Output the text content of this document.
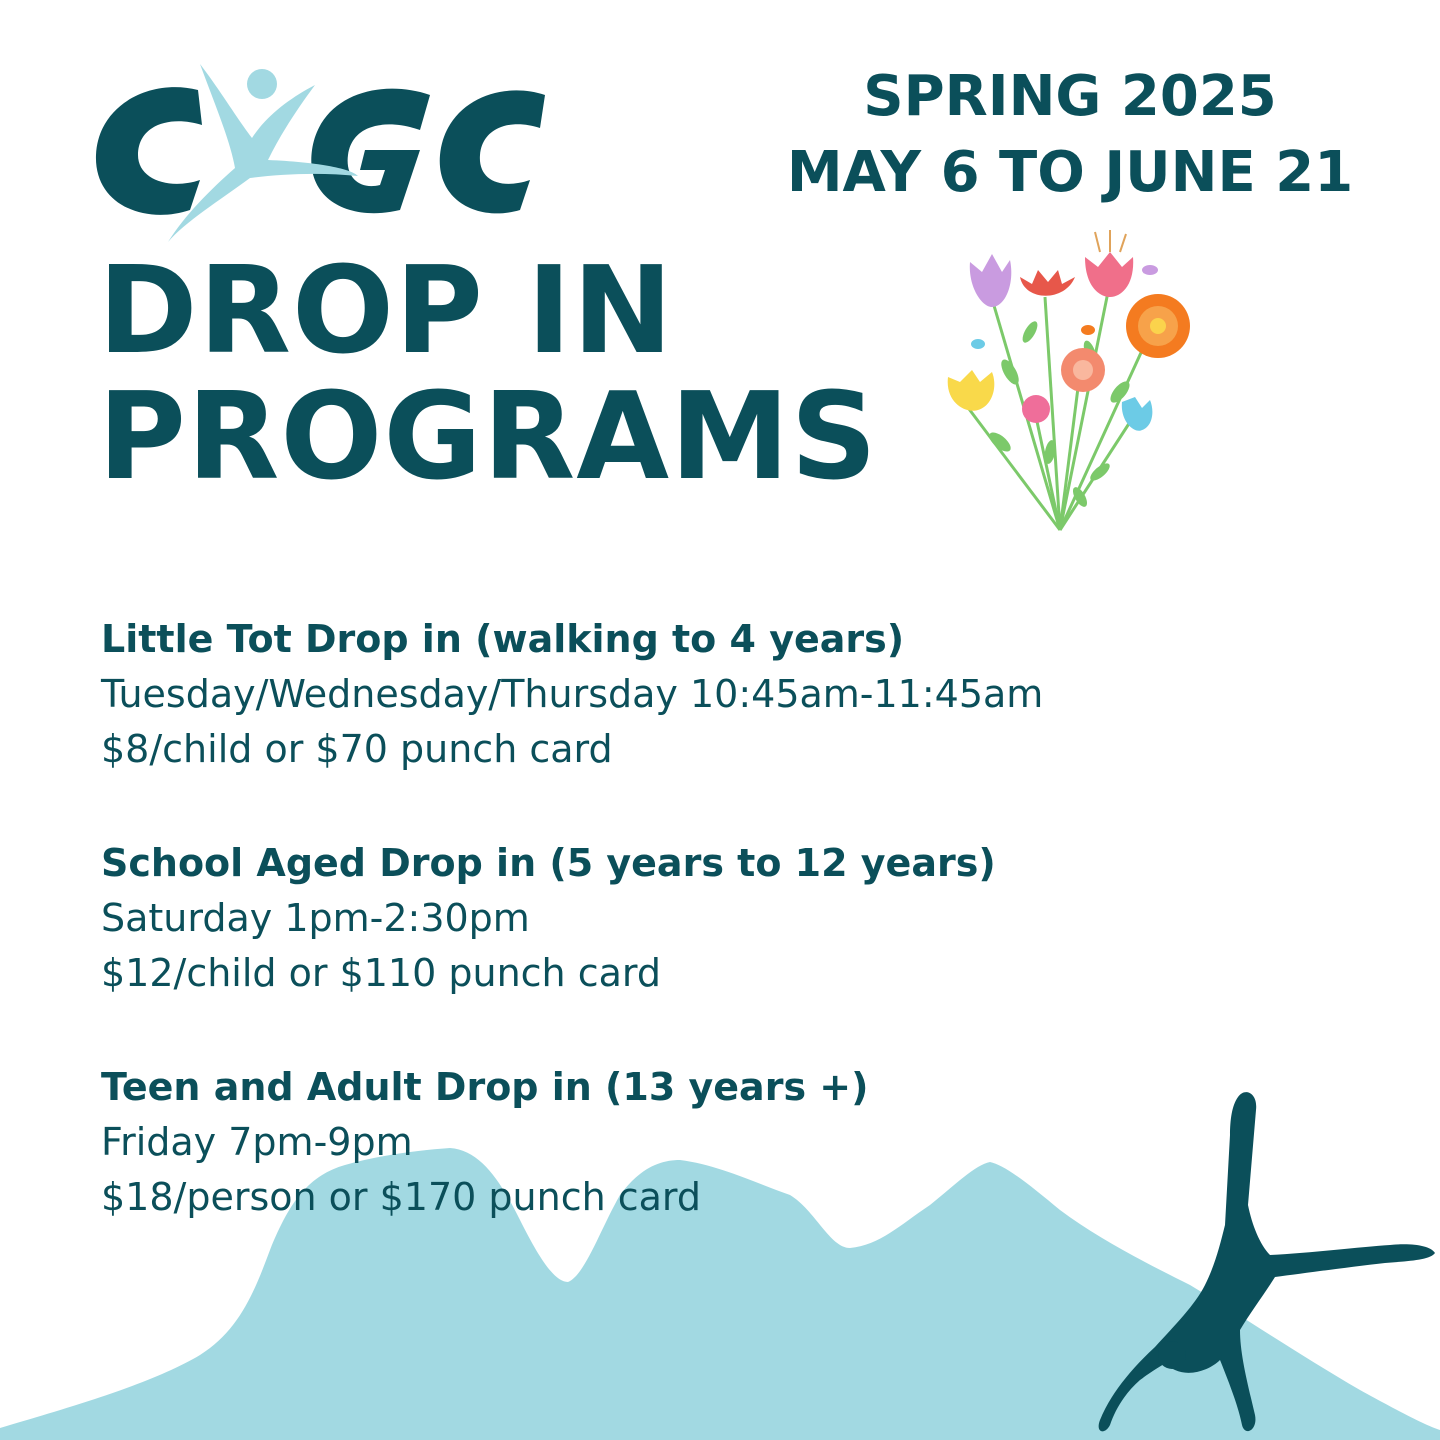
DROP IN
PROGRAMS
SPRING 2025
MAY 6 TO JUNE 21
Little Tot Drop in (walking to 4 years)
Tuesday/Wednesday/Thursday 10:45am-11:45am
$8/child or $70 punch card
School Aged Drop in (5 years to 12 years)
Saturday 1pm-2:30pm
$12/child or $110 punch card
Teen and Adult Drop in (13 years +)
Friday 7pm-9pm
$18/person or $170 punch card
